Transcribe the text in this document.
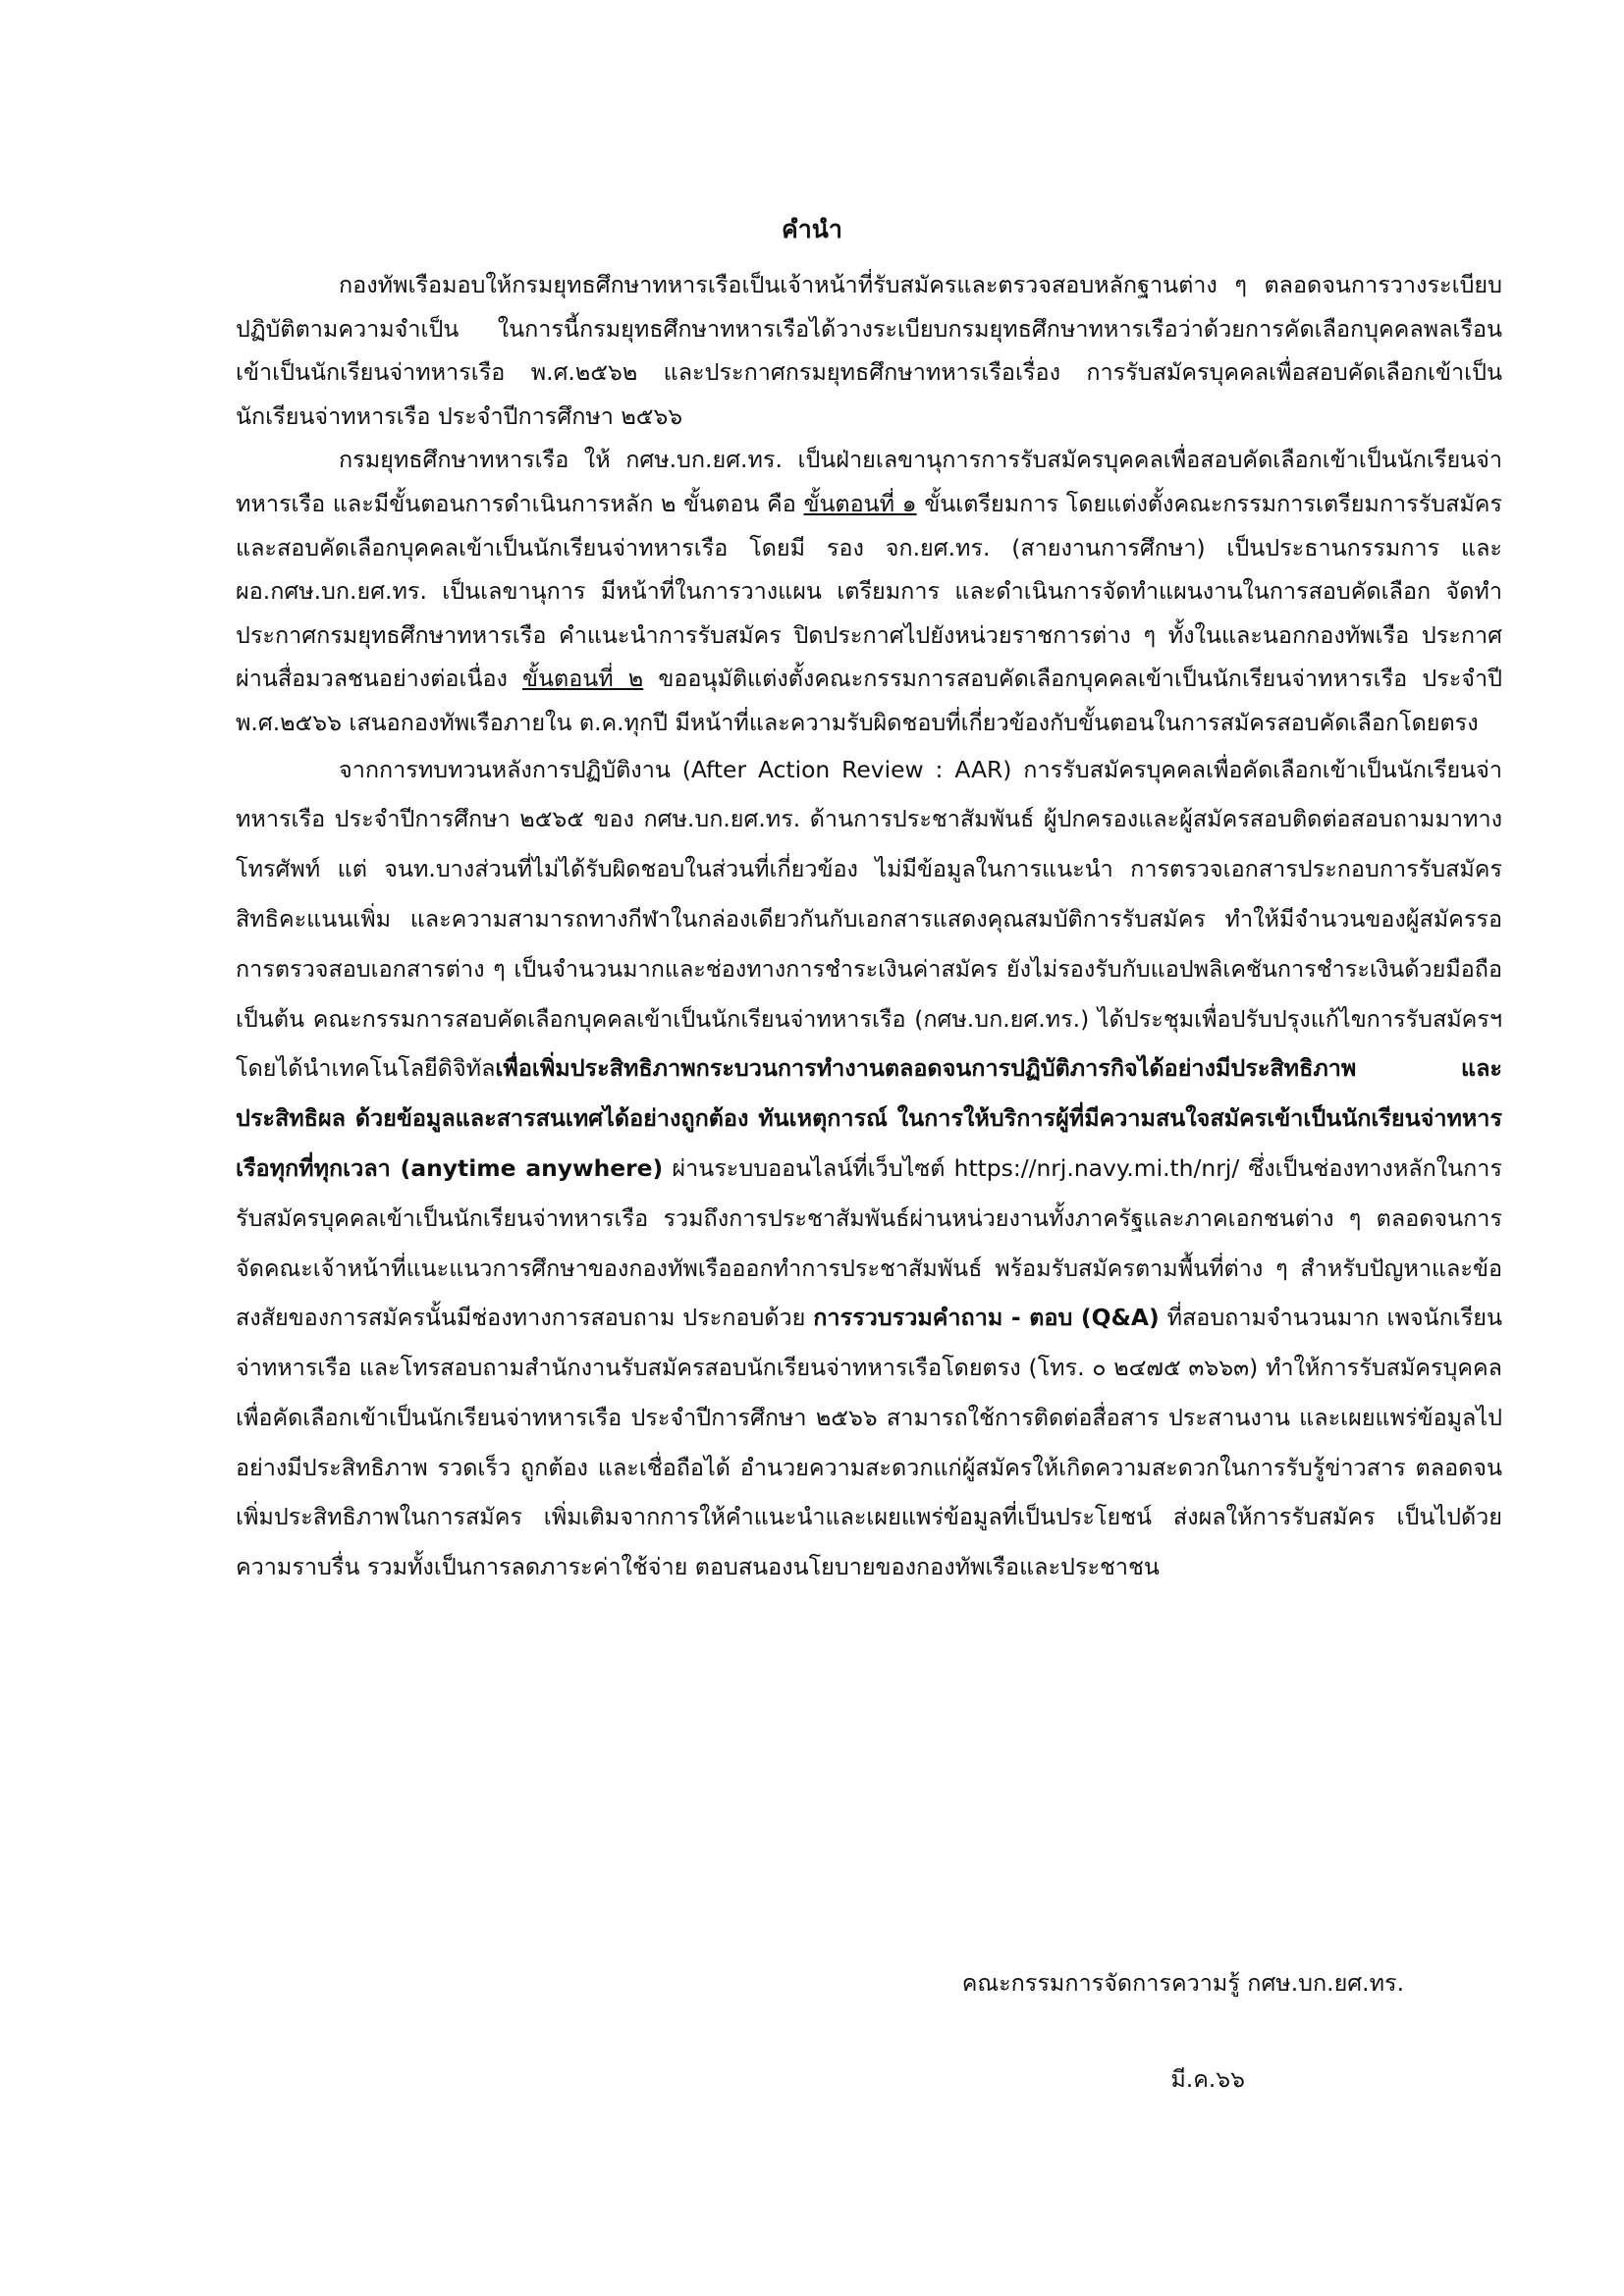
คำนำ

กองทัพเรือมอบให้กรมยุทธศึกษาทหารเรือเป็นเจ้าหน้าที่รับสมัครและตรวจสอบหลักฐานต่าง ๆ ตลอดจนการวางระเบียบปฏิบัติตามความจำเป็น ในการนี้กรมยุทธศึกษาทหารเรือได้วางระเบียบกรมยุทธศึกษาทหารเรือว่าด้วยการคัดเลือกบุคคลพลเรือนเข้าเป็นนักเรียนจ่าทหารเรือ พ.ศ.๒๕๖๒ และประกาศกรมยุทธศึกษาทหารเรือเรื่อง การรับสมัครบุคคลเพื่อสอบคัดเลือกเข้าเป็นนักเรียนจ่าทหารเรือ ประจำปีการศึกษา ๒๕๖๖

กรมยุทธศึกษาทหารเรือ ให้ กศษ.บก.ยศ.ทร. เป็นฝ่ายเลขานุการการรับสมัครบุคคลเพื่อสอบคัดเลือกเข้าเป็นนักเรียนจ่าทหารเรือ และมีขั้นตอนการดำเนินการหลัก ๒ ขั้นตอน คือ ขั้นตอนที่ ๑ ขั้นเตรียมการ โดยแต่งตั้งคณะกรรมการเตรียมการรับสมัครและสอบคัดเลือกบุคคลเข้าเป็นนักเรียนจ่าทหารเรือ โดยมี รอง จก.ยศ.ทร. (สายงานการศึกษา) เป็นประธานกรรมการ และ ผอ.กศษ.บก.ยศ.ทร. เป็นเลขานุการ มีหน้าที่ในการวางแผน เตรียมการ และดำเนินการจัดทำแผนงานในการสอบคัดเลือก จัดทำประกาศกรมยุทธศึกษาทหารเรือ คำแนะนำการรับสมัคร ปิดประกาศไปยังหน่วยราชการต่าง ๆ ทั้งในและนอกกองทัพเรือ ประกาศผ่านสื่อมวลชนอย่างต่อเนื่อง ขั้นตอนที่ ๒ ขออนุมัติแต่งตั้งคณะกรรมการสอบคัดเลือกบุคคลเข้าเป็นนักเรียนจ่าทหารเรือ ประจำปี พ.ศ.๒๕๖๖ เสนอกองทัพเรือภายใน ต.ค.ทุกปี มีหน้าที่และความรับผิดชอบที่เกี่ยวข้องกับขั้นตอนในการสมัครสอบคัดเลือกโดยตรง

จากการทบทวนหลังการปฏิบัติงาน (After Action Review : AAR) การรับสมัครบุคคลเพื่อคัดเลือกเข้าเป็นนักเรียนจ่าทหารเรือ ประจำปีการศึกษา ๒๕๖๕ ของ กศษ.บก.ยศ.ทร. ด้านการประชาสัมพันธ์ ผู้ปกครองและผู้สมัครสอบติดต่อสอบถามมาทางโทรศัพท์ แต่ จนท.บางส่วนที่ไม่ได้รับผิดชอบในส่วนที่เกี่ยวข้อง ไม่มีข้อมูลในการแนะนำ การตรวจเอกสารประกอบการรับสมัครสิทธิคะแนนเพิ่ม และความสามารถทางกีฬาในกล่องเดียวกันกับเอกสารแสดงคุณสมบัติการรับสมัคร ทำให้มีจำนวนของผู้สมัครรอการตรวจสอบเอกสารต่าง ๆ เป็นจำนวนมากและช่องทางการชำระเงินค่าสมัคร ยังไม่รองรับกับแอปพลิเคชันการชำระเงินด้วยมือถือ เป็นต้น คณะกรรมการสอบคัดเลือกบุคคลเข้าเป็นนักเรียนจ่าทหารเรือ (กศษ.บก.ยศ.ทร.) ได้ประชุมเพื่อปรับปรุงแก้ไขการรับสมัครฯ โดยได้นำเทคโนโลยีดิจิทัลเพื่อเพิ่มประสิทธิภาพกระบวนการทำงานตลอดจนการปฏิบัติภารกิจได้อย่างมีประสิทธิภาพ และประสิทธิผล ด้วยข้อมูลและสารสนเทศได้อย่างถูกต้อง ทันเหตุการณ์ ในการให้บริการผู้ที่มีความสนใจสมัครเข้าเป็นนักเรียนจ่าทหารเรือทุกที่ทุกเวลา (anytime anywhere) ผ่านระบบออนไลน์ที่เว็บไซต์ https://nrj.navy.mi.th/nrj/ ซึ่งเป็นช่องทางหลักในการรับสมัครบุคคลเข้าเป็นนักเรียนจ่าทหารเรือ รวมถึงการประชาสัมพันธ์ผ่านหน่วยงานทั้งภาครัฐและภาคเอกชนต่าง ๆ ตลอดจนการจัดคณะเจ้าหน้าที่แนะแนวการศึกษาของกองทัพเรือออกทำการประชาสัมพันธ์ พร้อมรับสมัครตามพื้นที่ต่าง ๆ สำหรับปัญหาและข้อสงสัยของการสมัครนั้นมีช่องทางการสอบถาม ประกอบด้วย การรวบรวมคำถาม - ตอบ (Q&A) ที่สอบถามจำนวนมาก เพจนักเรียนจ่าทหารเรือ และโทรสอบถามสำนักงานรับสมัครสอบนักเรียนจ่าทหารเรือโดยตรง (โทร. ๐ ๒๔๗๕ ๓๖๖๓) ทำให้การรับสมัครบุคคลเพื่อคัดเลือกเข้าเป็นนักเรียนจ่าทหารเรือ ประจำปีการศึกษา ๒๕๖๖ สามารถใช้การติดต่อสื่อสาร ประสานงาน และเผยแพร่ข้อมูลไปอย่างมีประสิทธิภาพ รวดเร็ว ถูกต้อง และเชื่อถือได้ อำนวยความสะดวกแก่ผู้สมัครให้เกิดความสะดวกในการรับรู้ข่าวสาร ตลอดจนเพิ่มประสิทธิภาพในการสมัคร เพิ่มเติมจากการให้คำแนะนำและเผยแพร่ข้อมูลที่เป็นประโยชน์ ส่งผลให้การรับสมัคร เป็นไปด้วยความราบรื่น รวมทั้งเป็นการลดภาระค่าใช้จ่าย ตอบสนองนโยบายของกองทัพเรือและประชาชน

คณะกรรมการจัดการความรู้ กศษ.บก.ยศ.ทร.
มี.ค.๖๖
